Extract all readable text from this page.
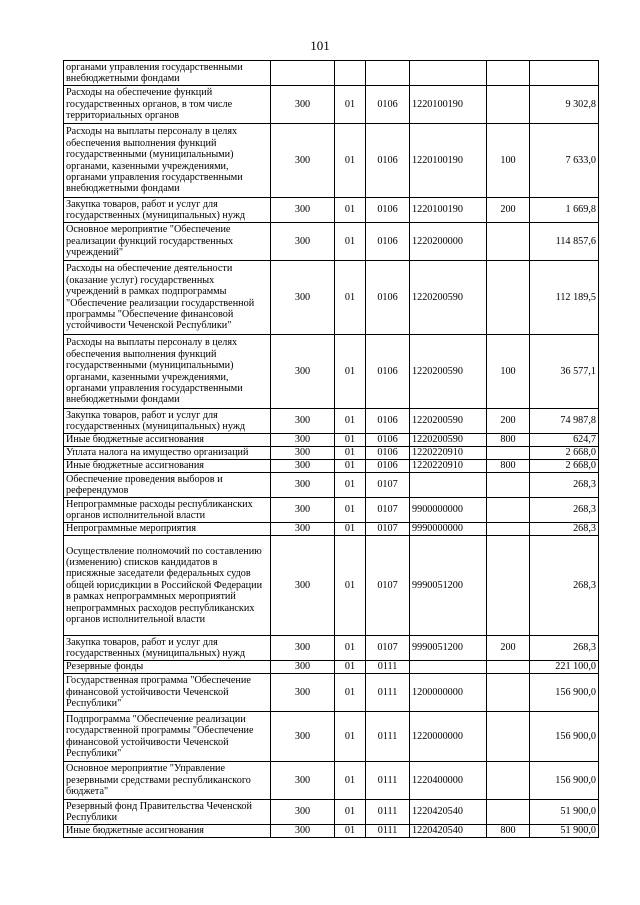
101
органами управления государственными внебюджетными фондами						
Расходы на обеспечение функций государственных органов, в том числе территориальных органов	300	01	0106	1220100190		9 302,8
Расходы на выплаты персоналу в целях обеспечения выполнения функций государственными (муниципальными) органами, казенными учреждениями, органами управления государственными внебюджетными фондами	300	01	0106	1220100190	100	7 633,0
Закупка товаров, работ и услуг для государственных (муниципальных) нужд	300	01	0106	1220100190	200	1 669,8
Основное мероприятие "Обеспечение реализации функций государственных учреждений"	300	01	0106	1220200000		114 857,6
Расходы на обеспечение деятельности (оказание услуг) государственных учреждений в рамках подпрограммы "Обеспечение реализации государственной программы "Обеспечение финансовой устойчивости Чеченской Республики"	300	01	0106	1220200590		112 189,5
Расходы на выплаты персоналу в целях обеспечения выполнения функций государственными (муниципальными) органами, казенными учреждениями, органами управления государственными внебюджетными фондами	300	01	0106	1220200590	100	36 577,1
Закупка товаров, работ и услуг для государственных (муниципальных) нужд	300	01	0106	1220200590	200	74 987,8
Иные бюджетные ассигнования	300	01	0106	1220200590	800	624,7
Уплата налога на имущество организаций	300	01	0106	1220220910		2 668,0
Иные бюджетные ассигнования	300	01	0106	1220220910	800	2 668,0
Обеспечение проведения выборов и референдумов	300	01	0107			268,3
Непрограммные расходы республиканских органов исполнительной власти	300	01	0107	9900000000		268,3
Непрограммные мероприятия	300	01	0107	9990000000		268,3
Осуществление полномочий по составлению (изменению) списков кандидатов в присяжные заседатели федеральных судов общей юрисдикции в Российской Федерации в рамках непрограммных мероприятий непрограммных расходов республиканских органов исполнительной власти	300	01	0107	9990051200		268,3
Закупка товаров, работ и услуг для государственных (муниципальных) нужд	300	01	0107	9990051200	200	268,3
Резервные фонды	300	01	0111			221 100,0
Государственная программа "Обеспечение финансовой устойчивости Чеченской Республики"	300	01	0111	1200000000		156 900,0
Подпрограмма "Обеспечение реализации государственной программы "Обеспечение финансовой устойчивости Чеченской Республики"	300	01	0111	1220000000		156 900,0
Основное мероприятие "Управление резервными средствами республиканского бюджета"	300	01	0111	1220400000		156 900,0
Резервный фонд Правительства Чеченской Республики	300	01	0111	1220420540		51 900,0
Иные бюджетные ассигнования	300	01	0111	1220420540	800	51 900,0
